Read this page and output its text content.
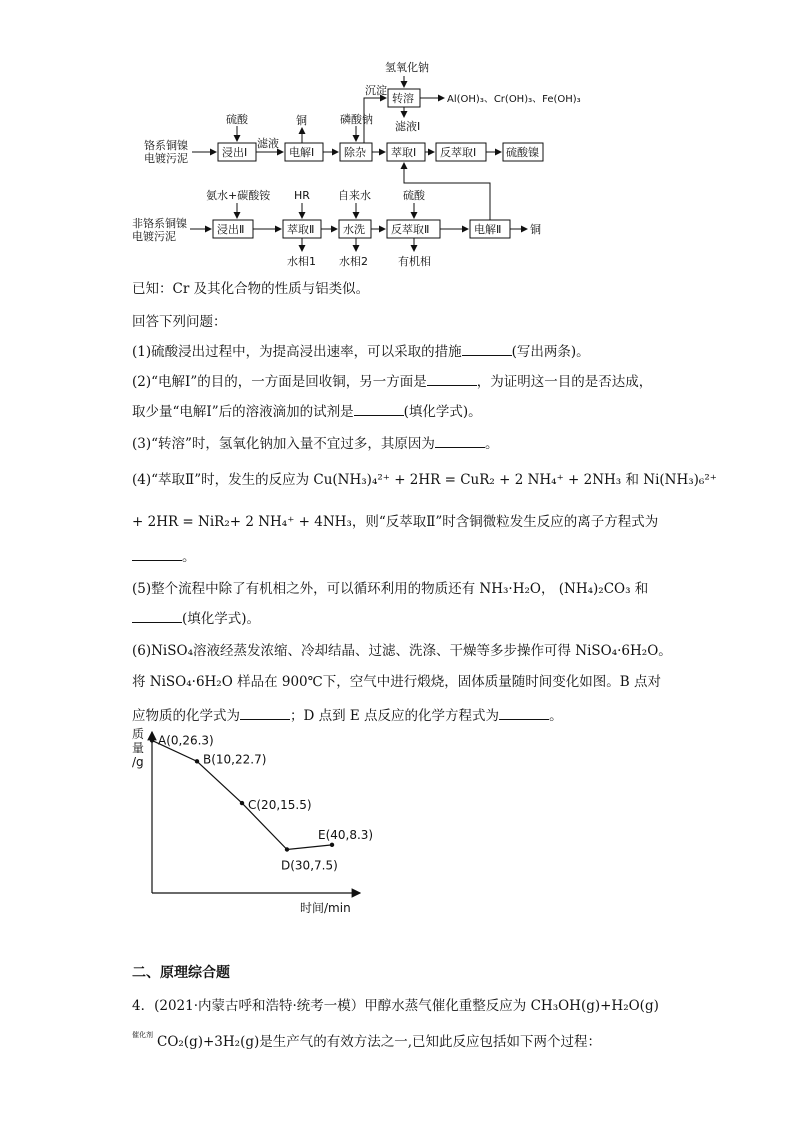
铬系铜镍
电镀污泥
非铬系铜镍
电镀污泥
浸出Ⅰ	电解Ⅰ	除杂 萃取Ⅰ 反萃取Ⅰ	硫酸镍
转溶
浸出Ⅱ	萃取Ⅱ	水洗 反萃取Ⅱ	电解Ⅱ
硫酸
滤液
铜	磷酸钠
沉淀
氢氧化钠
Al(OH)₃、Cr(OH)₃、Fe(OH)₃
滤液Ⅰ
氨水+碳酸铵 HR	自来水	硫酸
水相1 水相2	有机相
铜
已知：Cr 及其化合物的性质与铝类似。
回答下列问题：
(1)硫酸浸出过程中，为提高浸出速率，可以采取的措施	(写出两条)。
(2)“电解Ⅰ”的目的，一方面是回收铜，另一方面是	，为证明这一目的是否达成，
取少量“电解Ⅰ”后的溶液滴加的试剂是	(填化学式)。
(3)“转溶”时，氢氧化钠加入量不宜过多，其原因为	。
(4)“萃取Ⅱ”时，发生的反应为 Cu(NH₃)₄²⁺ + 2HR = CuR₂ + 2 NH₄⁺ + 2NH₃ 和 Ni(NH₃)₆²⁺
+ 2HR = NiR₂+ 2 NH₄⁺ + 4NH₃，则“反萃取Ⅱ”时含铜微粒发生反应的离子方程式为
。
(5)整个流程中除了有机相之外，可以循环利用的物质还有 NH₃·H₂O， (NH₄)₂CO₃ 和
(填化学式)。
(6)NiSO₄溶液经蒸发浓缩、冷却结晶、过滤、洗涤、干燥等多步操作可得 NiSO₄·6H₂O。
将 NiSO₄·6H₂O 样品在 900℃下，空气中进行煅烧，固体质量随时间变化如图。B 点对
应物质的化学式为	；D 点到 E 点反应的化学方程式为	。
质
量
/g
时间/min
A(0,26.3)
B(10,22.7)
C(20,15.5)
D(30,7.5)
E(40,8.3)
二、原理综合题
4．(2021·内蒙古呼和浩特·统考一模）甲醇水蒸气催化重整反应为 CH₃OH(g)+H₂O(g)
$^{催化剂}$ CO₂(g)+3H₂(g)是生产气的有效方法之一,已知此反应包括如下两个过程：
